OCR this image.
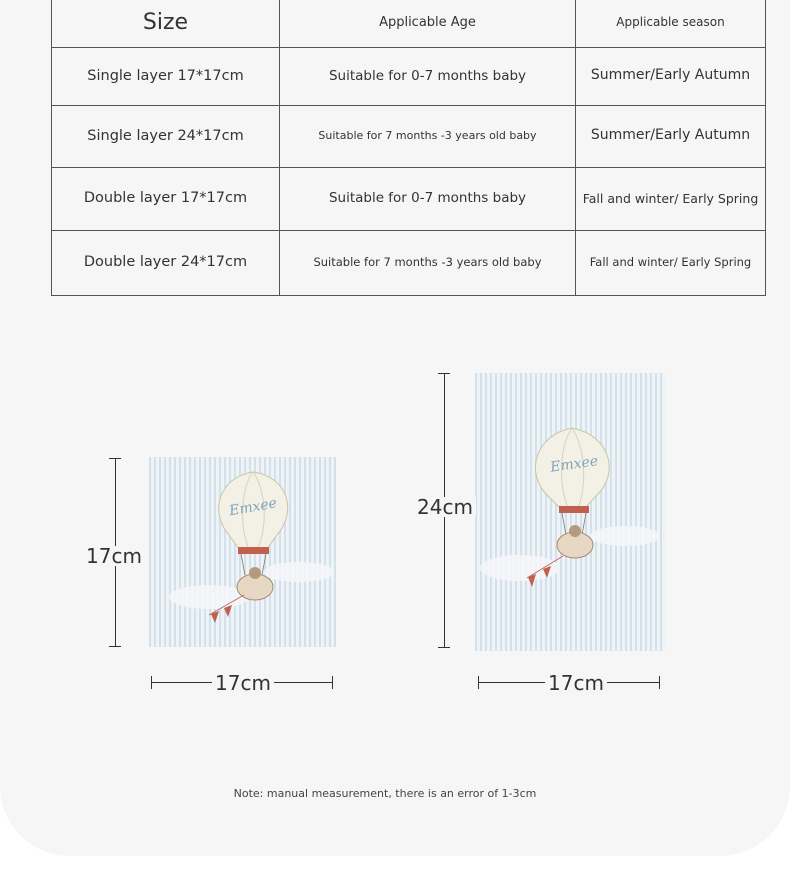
Size	Applicable Age	Applicable season
Single layer 17*17cm	Suitable for 0-7 months baby	Summer/Early Autumn
Single layer 24*17cm	Suitable for 7 months -3 years old baby	Summer/Early Autumn
Double layer 17*17cm	Suitable for 0-7 months baby	Fall and winter/ Early Spring
Double layer 24*17cm	Suitable for 7 months -3 years old baby	Fall and winter/ Early Spring
Emxee
17cm
17cm
Emxee
24cm
17cm
Note: manual measurement, there is an error of 1-3cm
